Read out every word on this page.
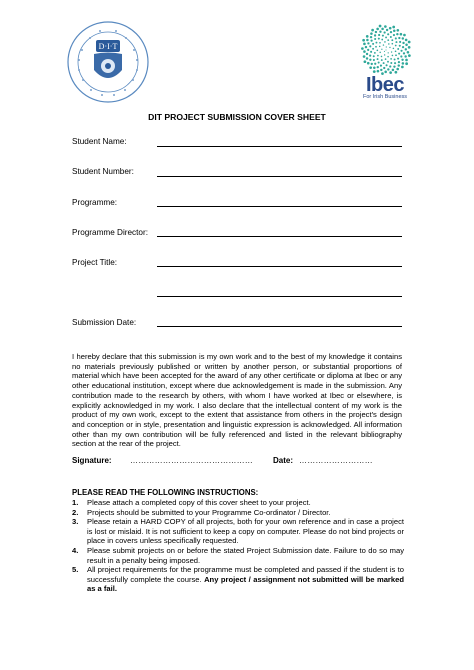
D·I·T
Ibec
For Irish Business
DIT PROJECT SUBMISSION COVER SHEET
Student Name:
Student Number:
Programme:
Programme Director:
Project Title:
Submission Date:
I hereby declare that this submission is my own work and to the best of my knowledge it contains no materials previously published or written by another person, or substantial proportions of material which have been accepted for the award of any other certificate or diploma at Ibec or any other educational institution, except where due acknowledgement is made in the submission. Any contribution made to the research by others, with whom I have worked at Ibec or elsewhere, is explicitly acknowledged in my work. I also declare that the intellectual content of my work is the product of my own work, except to the extent that assistance from others in the project's design and conception or in style, presentation and linguistic expression is acknowledged. All information other than my own contribution will be fully referenced and listed in the relevant bibliography section at the rear of the project.
Signature: ………………………………………	Date: ………………………
PLEASE READ THE FOLLOWING INSTRUCTIONS:
1. Please attach a completed copy of this cover sheet to your project.
2. Projects should be submitted to your Programme Co-ordinator / Director.
3. Please retain a HARD COPY of all projects, both for your own reference and in case a project is lost or mislaid. It is not sufficient to keep a copy on computer. Please do not bind projects or place in covers unless specifically requested.
4. Please submit projects on or before the stated Project Submission date. Failure to do so may result in a penalty being imposed.
5. All project requirements for the programme must be completed and passed if the student is to successfully complete the course. Any project / assignment not submitted will be marked as a fail.
